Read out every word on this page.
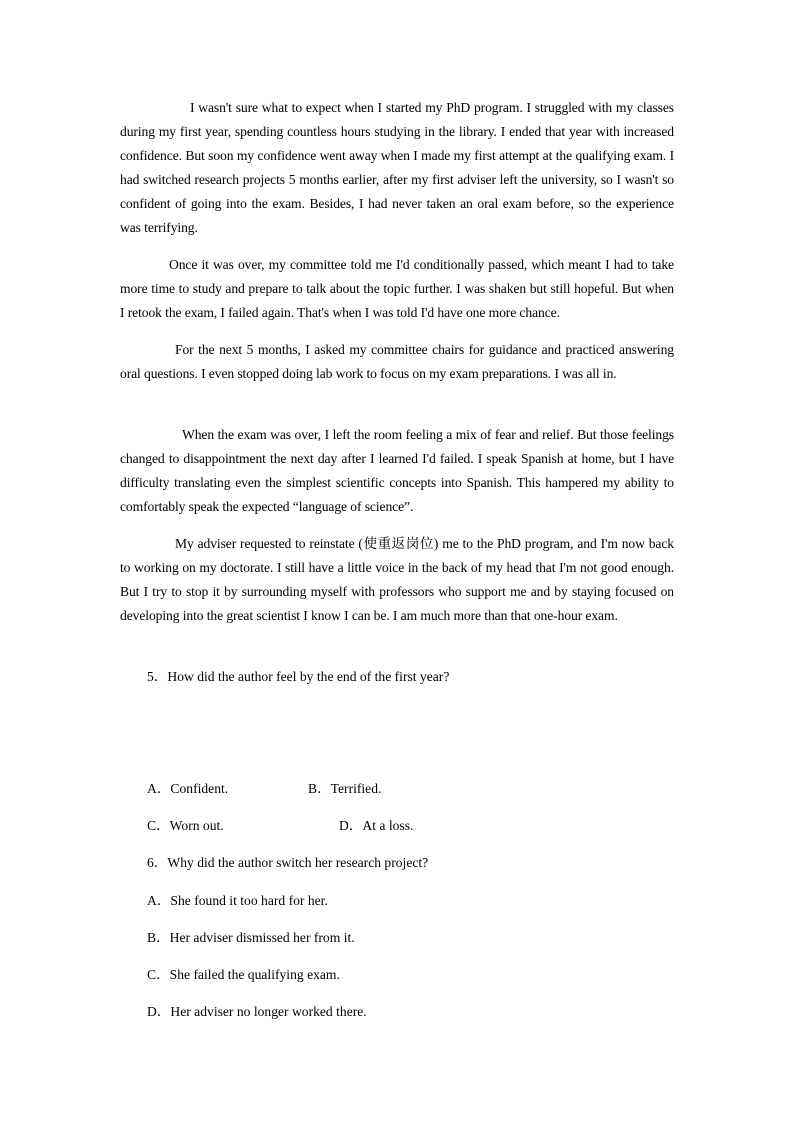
I wasn't sure what to expect when I started my PhD program. I struggled with my classes during my first year, spending countless hours studying in the library. I ended that year with increased confidence. But soon my confidence went away when I made my first attempt at the qualifying exam. I had switched research projects 5 months earlier, after my first adviser left the university, so I wasn't so confident of going into the exam. Besides, I had never taken an oral exam before, so the experience was terrifying.

Once it was over, my committee told me I'd conditionally passed, which meant I had to take more time to study and prepare to talk about the topic further. I was shaken but still hopeful. But when I retook the exam, I failed again. That's when I was told I'd have one more chance.

For the next 5 months, I asked my committee chairs for guidance and practiced answering oral questions. I even stopped doing lab work to focus on my exam preparations. I was all in.

When the exam was over, I left the room feeling a mix of fear and relief. But those feelings changed to disappointment the next day after I learned I'd failed. I speak Spanish at home, but I have difficulty translating even the simplest scientific concepts into Spanish. This hampered my ability to comfortably speak the expected “language of science”.

My adviser requested to reinstate (使重返岗位) me to the PhD program, and I'm now back to working on my doctorate. I still have a little voice in the back of my head that I'm not good enough. But I try to stop it by surrounding myself with professors who support me and by staying focused on developing into the great scientist I know I can be. I am much more than that one-hour exam.

5．How did the author feel by the end of the first year?

A．Confident.	B．Terrified.

C．Worn out.	D．At a loss.

6．Why did the author switch her research project?

A．She found it too hard for her.

B．Her adviser dismissed her from it.

C．She failed the qualifying exam.

D．Her adviser no longer worked there.
